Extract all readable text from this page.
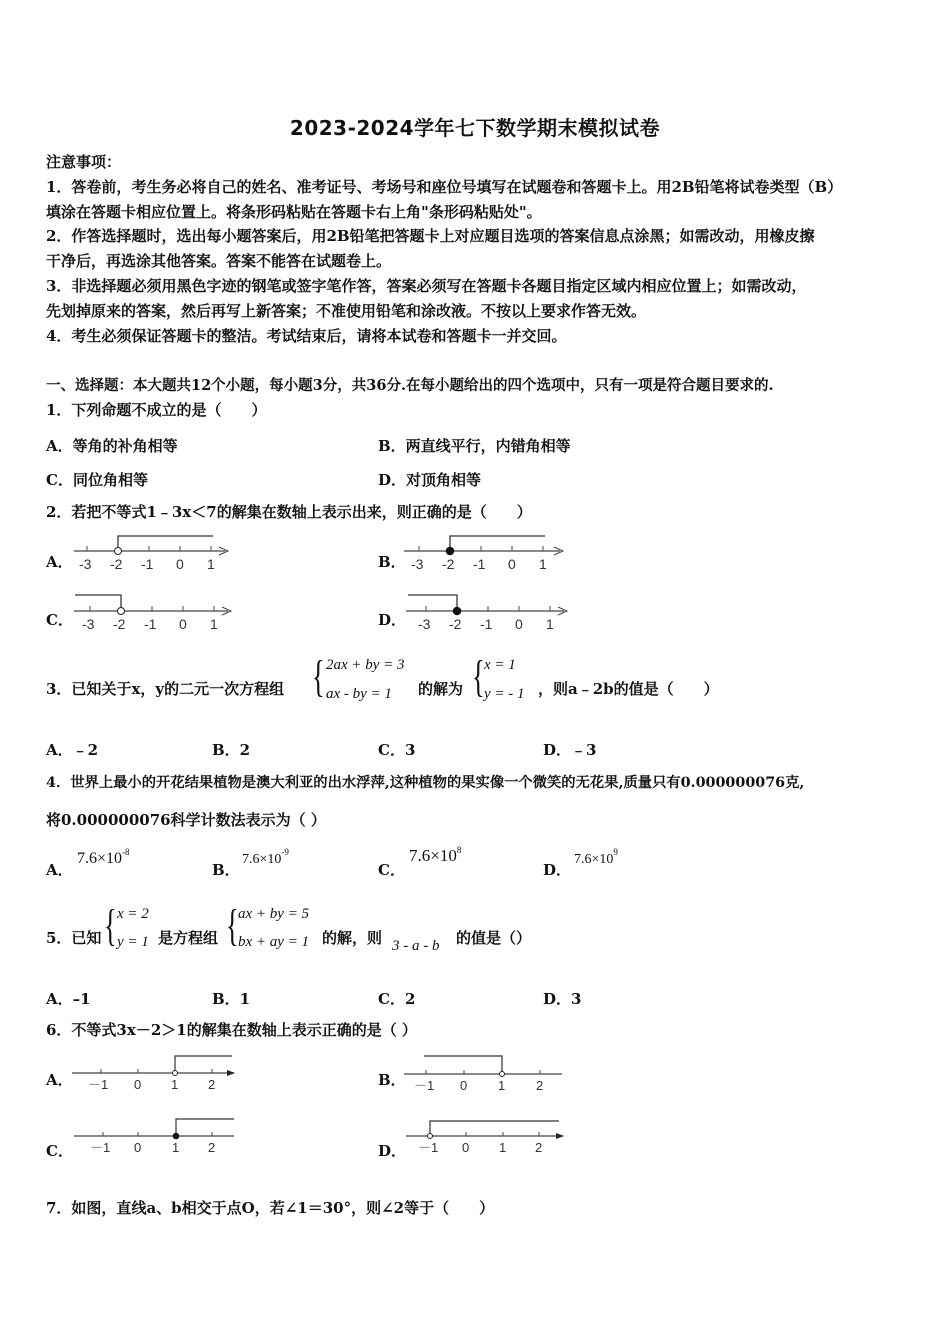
2023-2024学年七下数学期末模拟试卷
注意事项：
1．答卷前，考生务必将自己的姓名、准考证号、考场号和座位号填写在试题卷和答题卡上。用2B铅笔将试卷类型（B）
填涂在答题卡相应位置上。将条形码粘贴在答题卡右上角"条形码粘贴处"。
2．作答选择题时，选出每小题答案后，用2B铅笔把答题卡上对应题目选项的答案信息点涂黑；如需改动，用橡皮擦
干净后，再选涂其他答案。答案不能答在试题卷上。
3．非选择题必须用黑色字迹的钢笔或签字笔作答，答案必须写在答题卡各题目指定区域内相应位置上；如需改动，
先划掉原来的答案，然后再写上新答案；不准使用铅笔和涂改液。不按以上要求作答无效。
4．考生必须保证答题卡的整洁。考试结束后，请将本试卷和答题卡一并交回。
一、选择题：本大题共12个小题，每小题3分，共36分.在每小题给出的四个选项中，只有一项是符合题目要求的.
1．下列命题不成立的是（　　）
A．等角的补角相等	B．两直线平行，内错角相等
C．同位角相等	D．对顶角相等
2．若把不等式1﹣3x＜7的解集在数轴上表示出来，则正确的是（　　）
A． -3 -2 -1 0 1	B． -3 -2 -1 0 1
C． -3 -2 -1 0 1	D． -3 -2 -1 0 1
3．已知关于x，y的二元一次方程组 { 2ax + by = 3
ax - by = 1 的解为 { x = 1
y = - 1 ，则a﹣2b的值是（　　）
A．﹣2	B．2	C．3	D．﹣3
4．世界上最小的开花结果植物是澳大利亚的出水浮萍,这种植物的果实像一个微笑的无花果,质量只有0.000000076克,
将0.000000076科学计数法表示为（ ）
A．
$7.6\times 10^{-8}$
B．
$7.6\times 10^{-9}$
C．
$7.6\times 10^8$
D．
$7.6\times 10^9$
5．已知 { x = 2
y = 1 是方程组 { ax + by = 5
bx + ay = 1 的解，则 3 - a - b 的值是（）
A．–1	B．1	C．2	D．3
6．不等式3x－2＞1的解集在数轴上表示正确的是（ ）
A． －1 0 1 2	B． －1 0 1 2
C． －1 0 1 2	D． －1 0 1 2
7．如图，直线a、b相交于点O，若∠1＝30°，则∠2等于（　　）
